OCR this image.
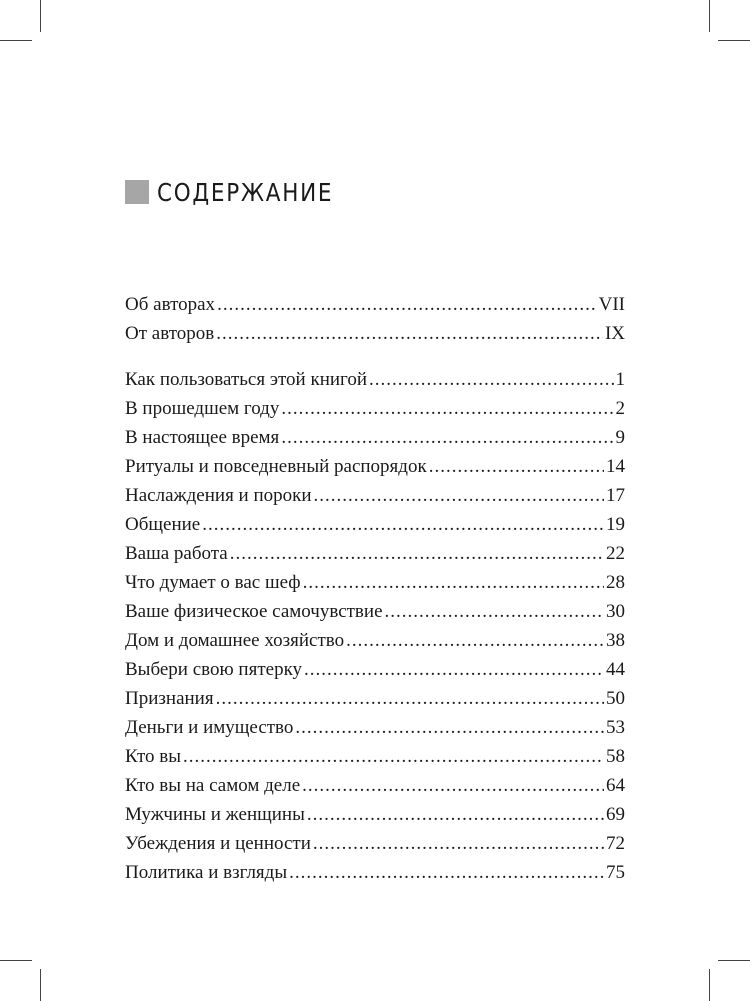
СОДЕРЖАНИЕ
Об авторах .....	VII
От авторов .....	IX
Как пользоваться этой книгой .....	1
В прошедшем году .....	2
В настоящее время .....	9
Ритуалы и повседневный распорядок .....	14
Наслаждения и пороки .....	17
Общение .....	19
Ваша работа .....	22
Что думает о вас шеф .....	28
Ваше физическое самочувствие .....	30
Дом и домашнее хозяйство .....	38
Выбери свою пятерку .....	44
Признания .....	50
Деньги и имущество .....	53
Кто вы .....	58
Кто вы на самом деле .....	64
Мужчины и женщины .....	69
Убеждения и ценности .....	72
Политика и взгляды .....	75
